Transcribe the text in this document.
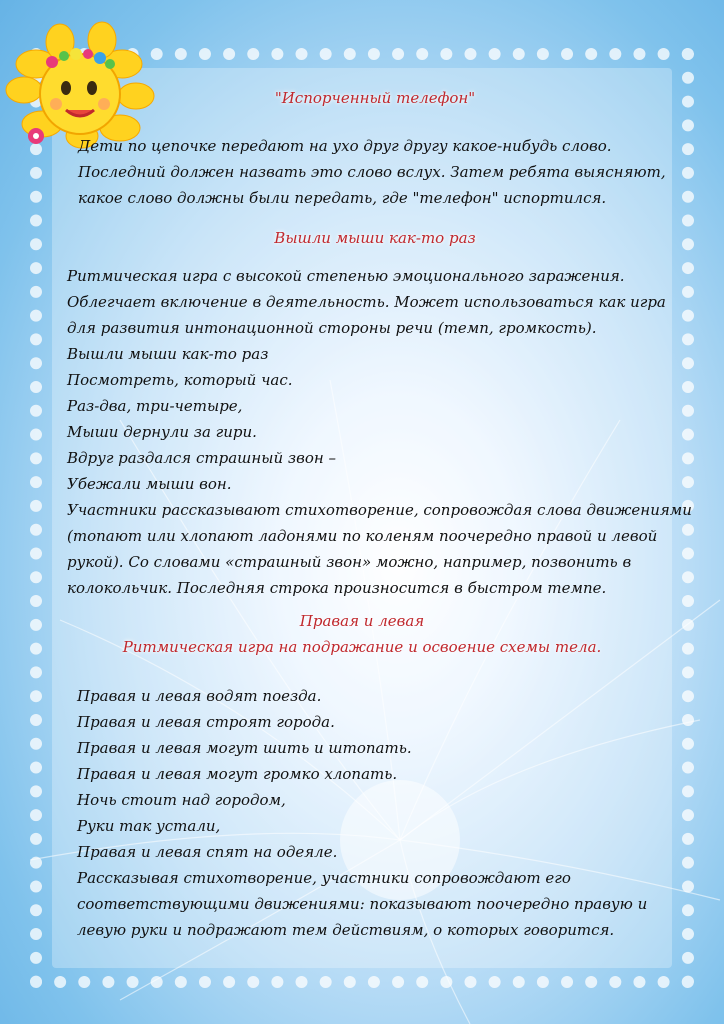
"Испорченный телефон"
Дети по цепочке передают на ухо друг другу какое-нибудь слово.
Последний должен назвать это слово вслух. Затем ребята выясняют,
какое слово должны были передать, где "телефон" испортился.
Вышли мыши как-то раз
Ритмическая игра с высокой степенью эмоционального заражения.
Облегчает включение в деятельность. Может использоваться как игра
для развития интонационной стороны речи (темп, громкость).
Вышли мыши как-то раз
Посмотреть, который час.
Раз-два, три-четыре,
Мыши дернули за гири.
Вдруг раздался страшный звон –
Убежали мыши вон.
Участники рассказывают стихотворение, сопровождая слова движениями
(топают или хлопают ладонями по коленям поочередно правой и левой
рукой). Со словами «страшный звон» можно, например, позвонить в
колокольчик. Последняя строка произносится в быстром темпе.
Правая и левая
Ритмическая игра на подражание и освоение схемы тела.
Правая и левая водят поезда.
Правая и левая строят города.
Правая и левая могут шить и штопать.
Правая и левая могут громко хлопать.
Ночь стоит над городом,
Руки так устали,
Правая и левая спят на одеяле.
Рассказывая стихотворение, участники сопровождают его
соответствующими движениями: показывают поочередно правую и
левую руки и подражают тем действиям, о которых говорится.
